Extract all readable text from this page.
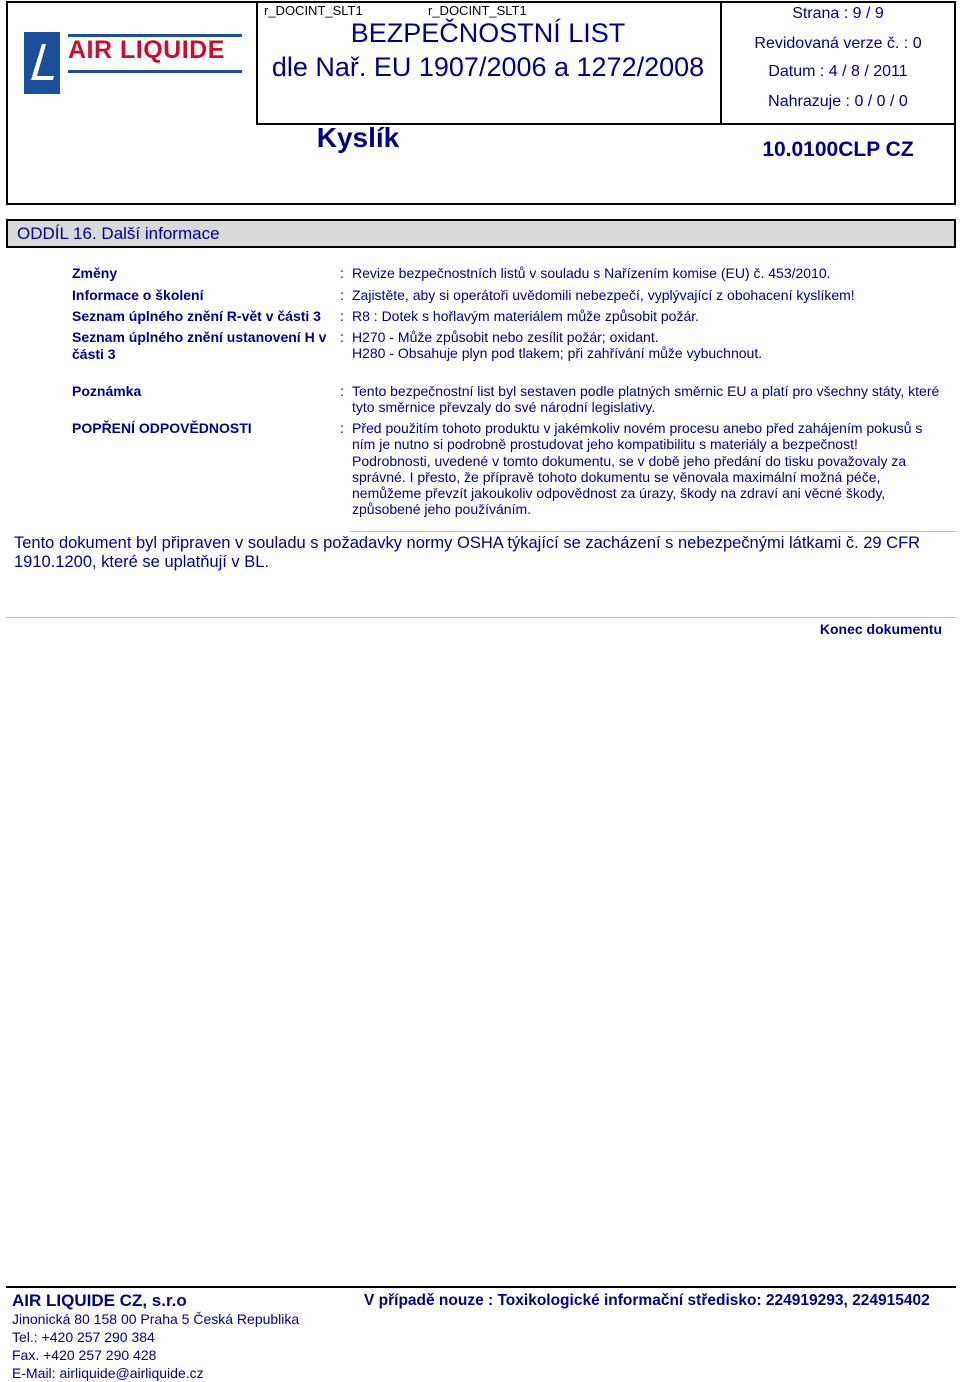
AIR LIQUIDE
r_DOCINT_SLT1	r_DOCINT_SLT1
BEZPEČNOSTNÍ LIST
dle Nař. EU 1907/2006 a 1272/2008
Kyslík
Strana : 9 / 9
Revidovaná verze č. : 0
Datum : 4 / 8 / 2011
Nahrazuje : 0 / 0 / 0
10.0100CLP CZ
ODDÍL 16. Další informace
Změny	: Revize bezpečnostních listů v souladu s Nařízením komise (EU) č. 453/2010.

Informace o školení	: Zajistěte, aby si operátoři uvědomili nebezpečí, vyplývající z obohacení kyslíkem!

Seznam úplného znění R-vět v části 3	: R8 : Dotek s hořlavým materiálem může způsobit požár.

Seznam úplného znění ustanovení H v části 3
: H270 - Může způsobit nebo zesílit požár; oxidant.

H280 - Obsahuje plyn pod tlakem; při zahřívání může vybuchnout.

Poznámka	: Tento bezpečnostní list byl sestaven podle platných směrnic EU a platí pro všechny státy, které tyto směrnice převzaly do své národní legislativy.

POPŘENÍ ODPOVĚDNOSTI	: Před použitím tohoto produktu v jakémkoliv novém procesu anebo před zahájením pokusů s ním je nutno si podrobně prostudovat jeho kompatibilitu s materiály a bezpečnost!

Podrobnosti, uvedené v tomto dokumentu, se v době jeho předání do tisku považovaly za správné. I přesto, že přípravě tohoto dokumentu se věnovala maximální možná péče, nemůžeme převzít jakoukoliv odpovědnost za úrazy, škody na zdraví ani věcné škody, způsobené jeho používáním.

Tento dokument byl připraven v souladu s požadavky normy OSHA týkající se zacházení s nebezpečnými látkami č. 29 CFR 1910.1200, které se uplatňují v BL.
Konec dokumentu
AIR LIQUIDE CZ, s.r.o	V případě nouze : Toxikologické informační středisko: 224919293, 224915402
Jinonická 80 158 00 Praha 5 Česká Republika
Tel.: +420 257 290 384
Fax. +420 257 290 428
E-Mail: airliquide@airliquide.cz
